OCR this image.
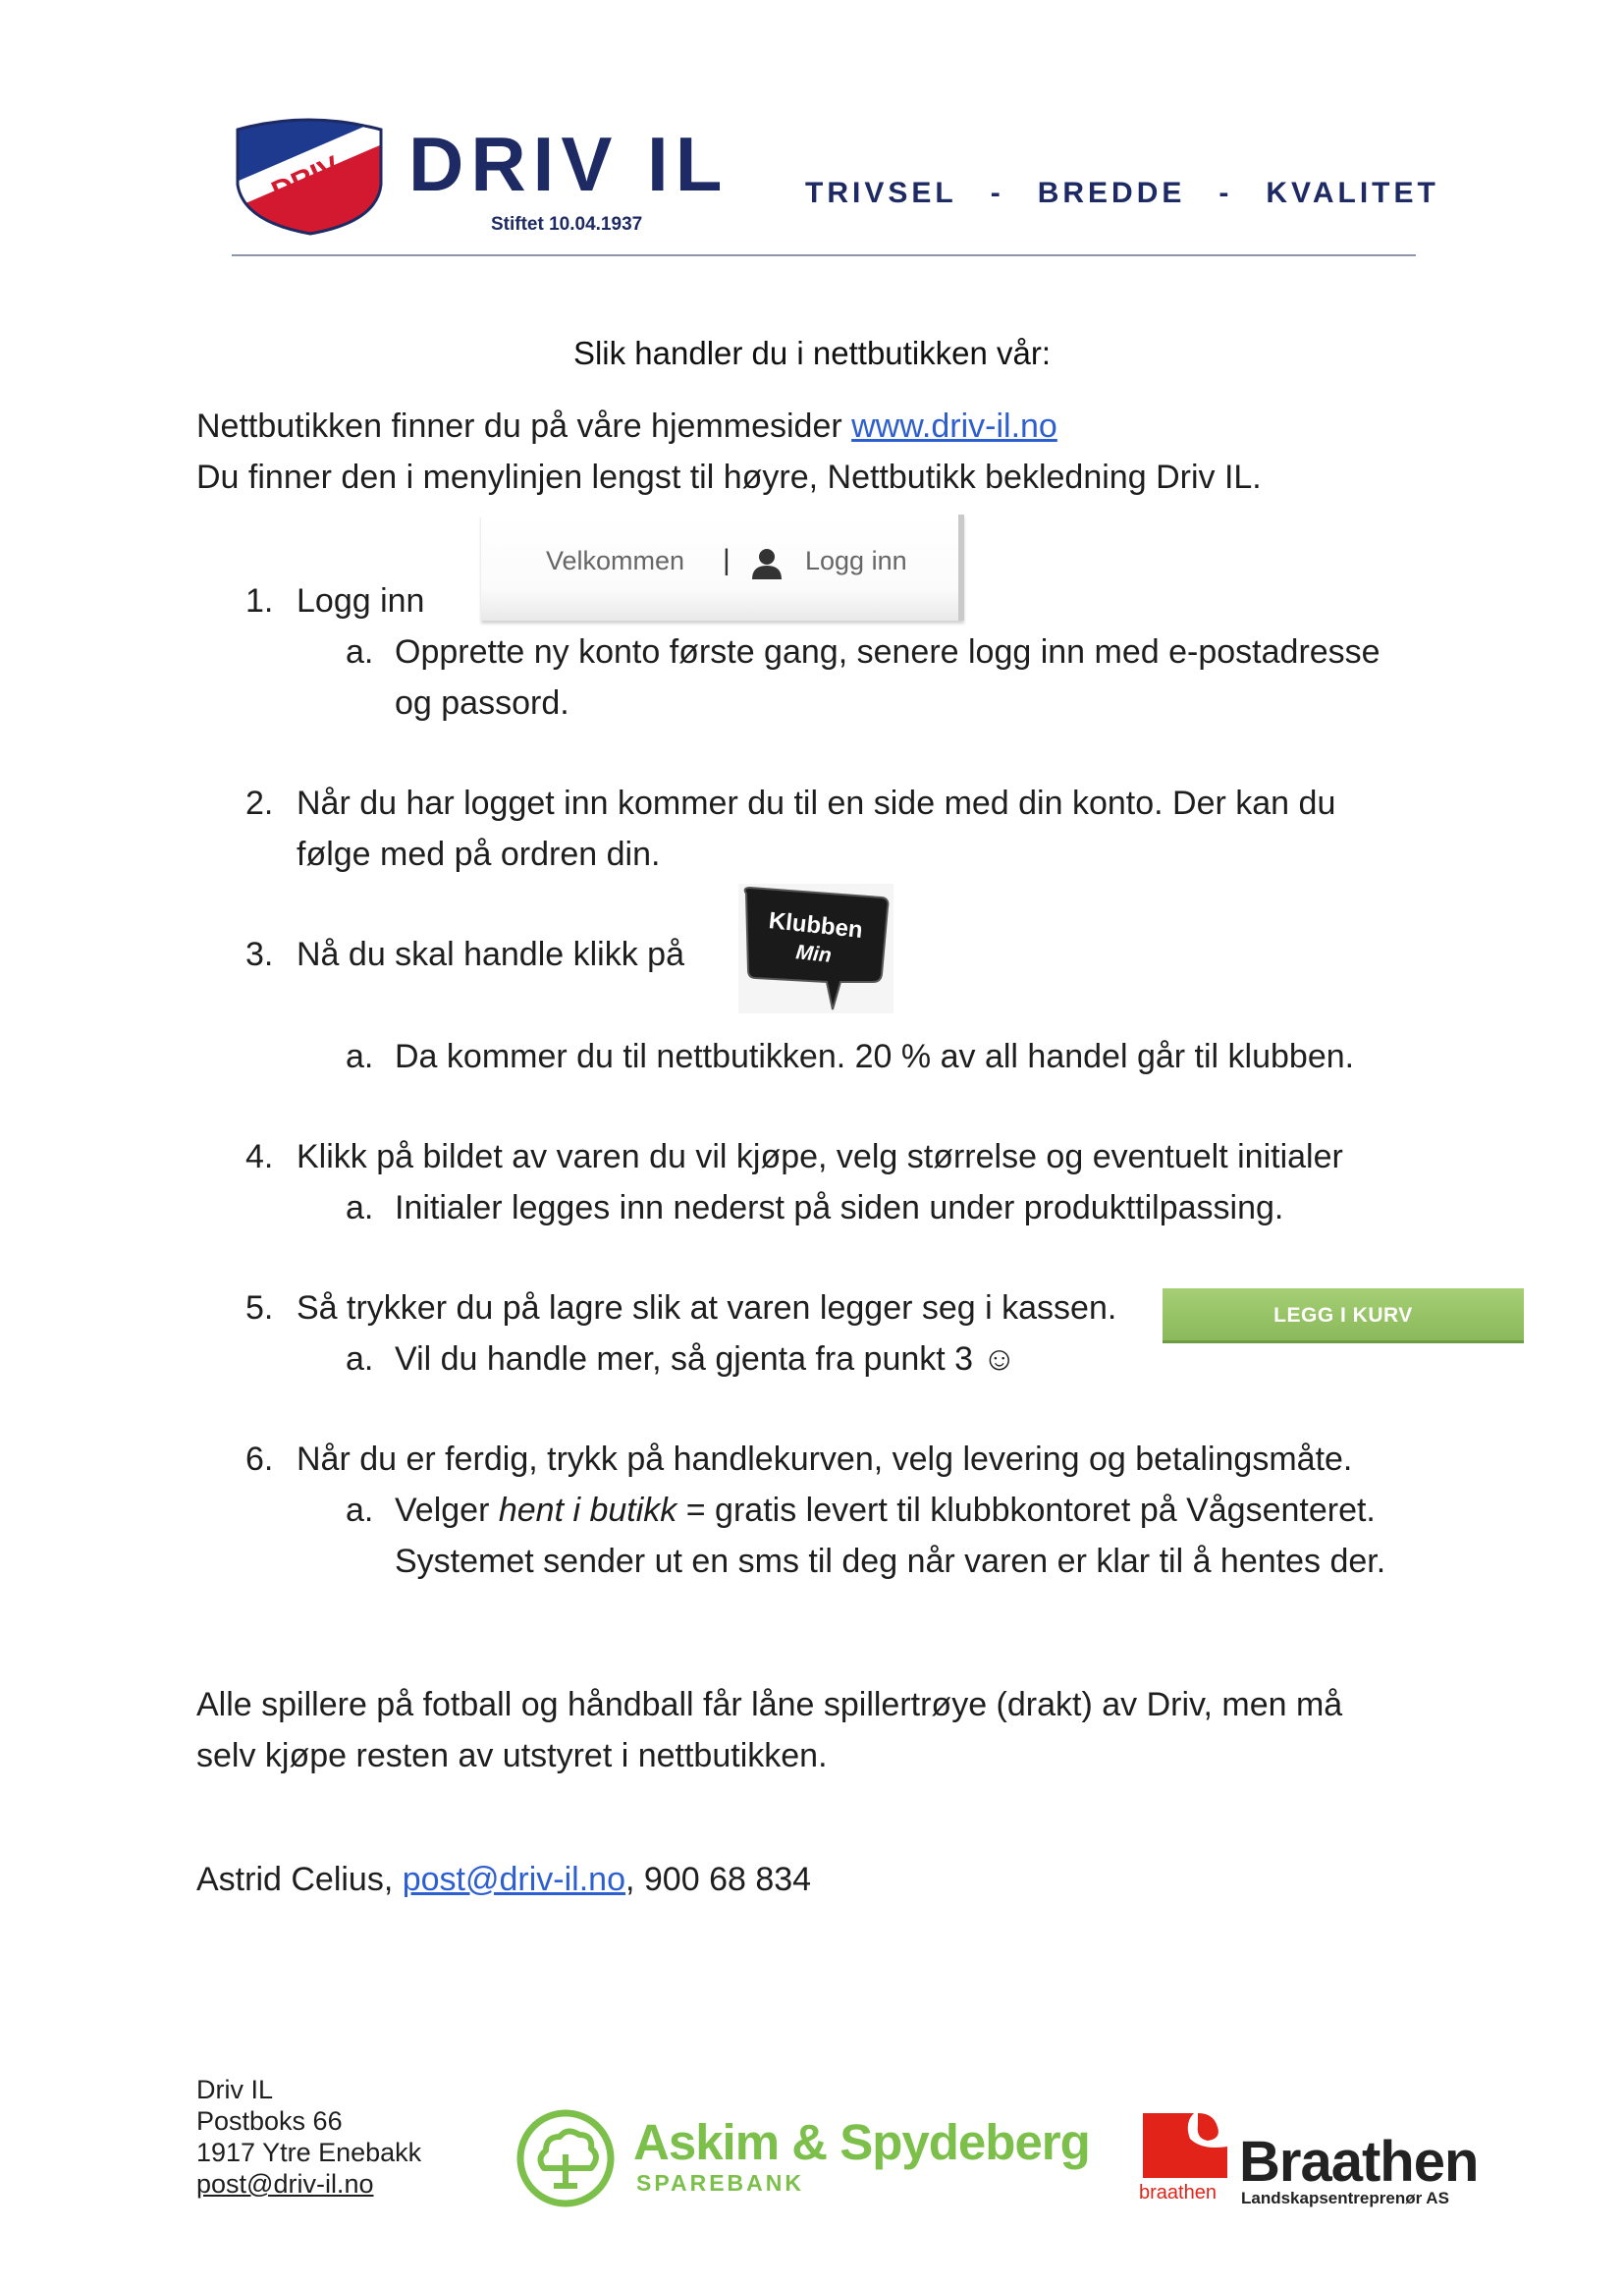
DRIV DRIV IL
Stiftet 10.04.1937
TRIVSEL - BREDDE - KVALITET
Slik handler du i nettbutikken vår:
Nettbutikken finner du på våre hjemmesider www.driv-il.no
Du finner den i menylinjen lengst til høyre, Nettbutikk bekledning Driv IL.
1. Logg inn
Velkommen |	Logg inn
a. Opprette ny konto første gang, senere logg inn med e-postadresse
og passord.
2. Når du har logget inn kommer du til en side med din konto. Der kan du
følge med på ordren din.
3. Nå du skal handle klikk på
Klubben
Min
a. Da kommer du til nettbutikken. 20 % av all handel går til klubben.
4. Klikk på bildet av varen du vil kjøpe, velg størrelse og eventuelt initialer
a. Initialer legges inn nederst på siden under produkttilpassing.
5. Så trykker du på lagre slik at varen legger seg i kassen.	LEGG I KURV
a. Vil du handle mer, så gjenta fra punkt 3 ☺
6. Når du er ferdig, trykk på handlekurven, velg levering og betalingsmåte.
a. Velger hent i butikk = gratis levert til klubbkontoret på Vågsenteret.
Systemet sender ut en sms til deg når varen er klar til å hentes der.
Alle spillere på fotball og håndball får låne spillertrøye (drakt) av Driv, men må
selv kjøpe resten av utstyret i nettbutikken.
Astrid Celius, post@driv-il.no, 900 68 834
Driv IL
Postboks 66
1917 Ytre Enebakk
post@driv-il.no
Askim & Spydeberg
SPAREBANK	braathen Braathen
Landskapsentreprenør AS
